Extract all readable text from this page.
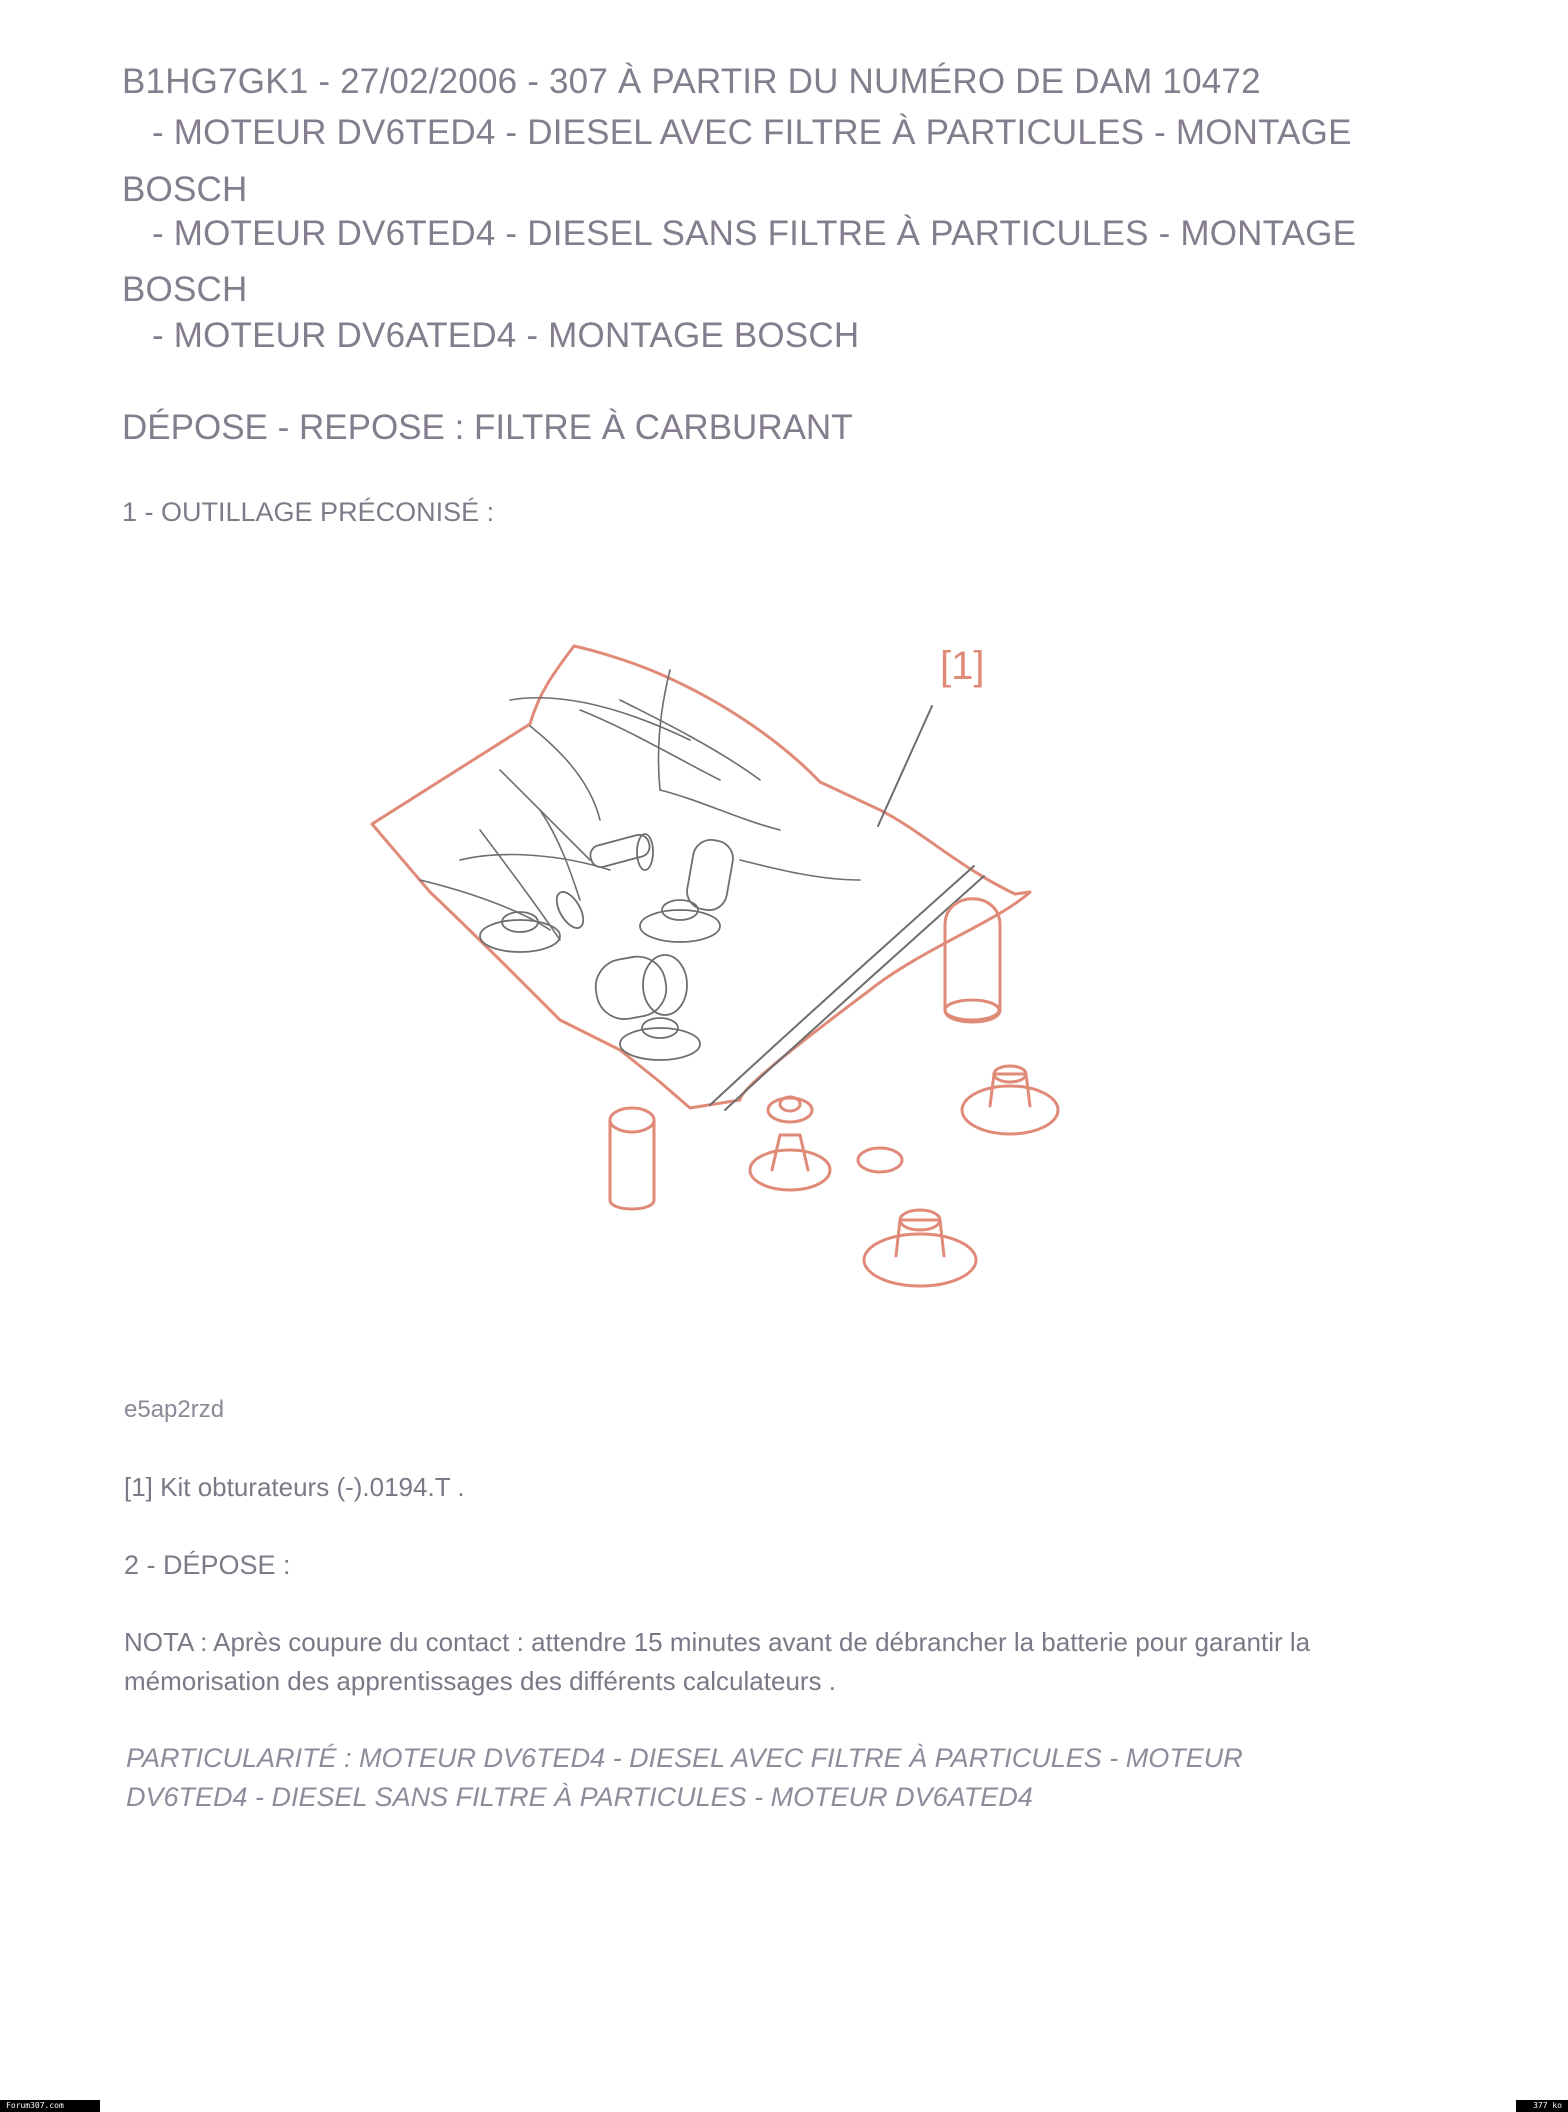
B1HG7GK1 - 27/02/2006 - 307 À PARTIR DU NUMÉRO DE DAM 10472
- MOTEUR DV6TED4 - DIESEL AVEC FILTRE À PARTICULES - MONTAGE
BOSCH
- MOTEUR DV6TED4 - DIESEL SANS FILTRE À PARTICULES - MONTAGE
BOSCH
- MOTEUR DV6ATED4 - MONTAGE BOSCH
DÉPOSE - REPOSE : FILTRE À CARBURANT
1 - OUTILLAGE PRÉCONISÉ :
[1]
e5ap2rzd
[1] Kit obturateurs (-).0194.T .
2 - DÉPOSE :
NOTA : Après coupure du contact : attendre 15 minutes avant de débrancher la batterie pour garantir la
mémorisation des apprentissages des différents calculateurs .
PARTICULARITÉ : MOTEUR DV6TED4 - DIESEL AVEC FILTRE À PARTICULES - MOTEUR
DV6TED4 - DIESEL SANS FILTRE À PARTICULES - MOTEUR DV6ATED4
Forum307.com	377 ko
